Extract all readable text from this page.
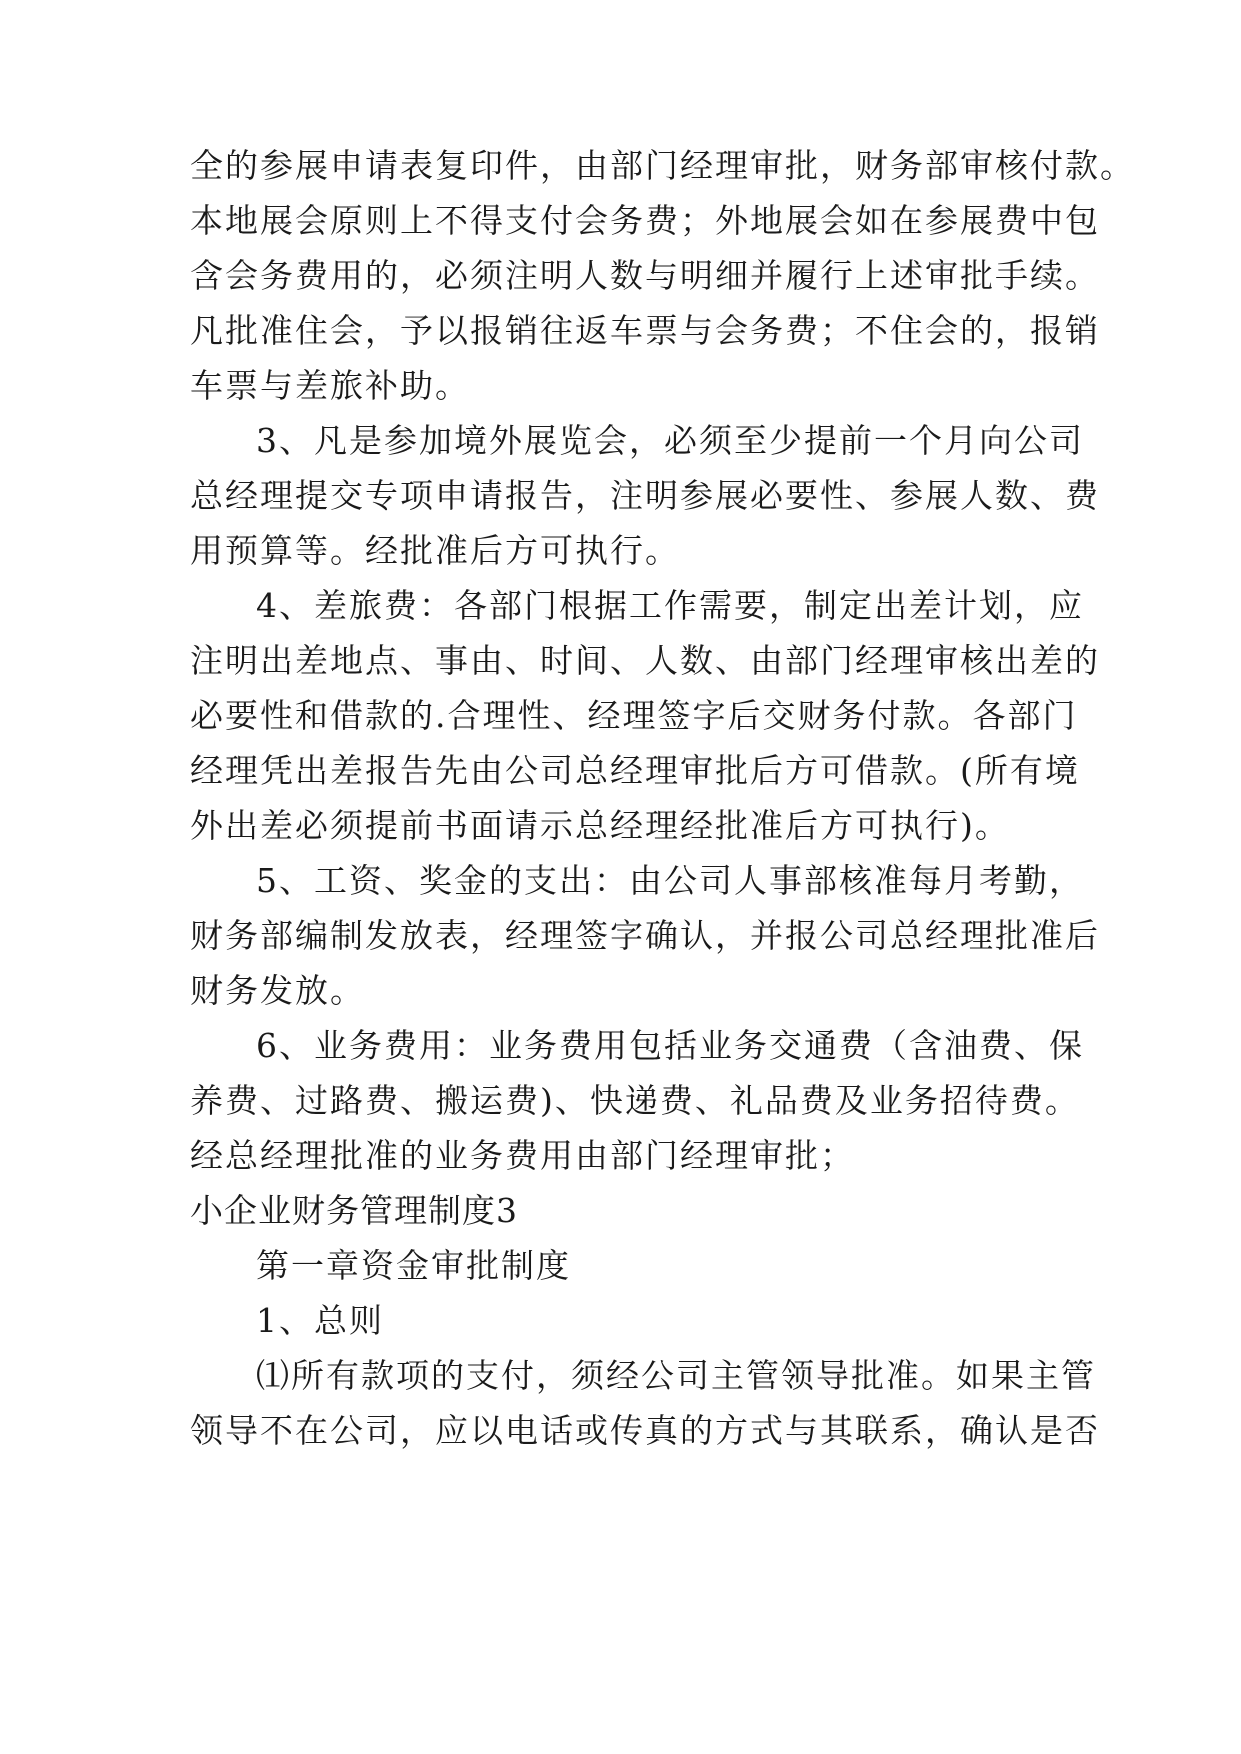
全的参展申请表复印件，由部门经理审批，财务部审核付款。
本地展会原则上不得支付会务费；外地展会如在参展费中包
含会务费用的，必须注明人数与明细并履行上述审批手续。
凡批准住会，予以报销往返车票与会务费；不住会的，报销
车票与差旅补助。
3、凡是参加境外展览会，必须至少提前一个月向公司
总经理提交专项申请报告，注明参展必要性、参展人数、费
用预算等。经批准后方可执行。
4、差旅费：各部门根据工作需要，制定出差计划，应
注明出差地点、事由、时间、人数、由部门经理审核出差的
必要性和借款的.合理性、经理签字后交财务付款。各部门
经理凭出差报告先由公司总经理审批后方可借款。(所有境
外出差必须提前书面请示总经理经批准后方可执行)。
5、工资、奖金的支出：由公司人事部核准每月考勤，
财务部编制发放表，经理签字确认，并报公司总经理批准后
财务发放。
6、业务费用：业务费用包括业务交通费（含油费、保
养费、过路费、搬运费)、快递费、礼品费及业务招待费。
经总经理批准的业务费用由部门经理审批；
小企业财务管理制度3
第一章资金审批制度
1、总则
⑴所有款项的支付，须经公司主管领导批准。如果主管
领导不在公司，应以电话或传真的方式与其联系，确认是否
